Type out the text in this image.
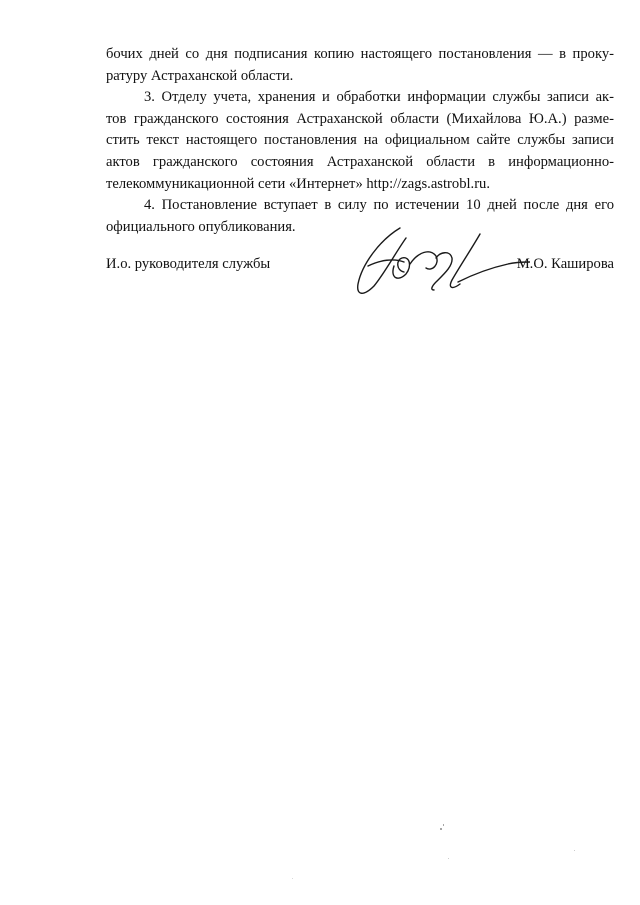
бочих дней со дня подписания копию настоящего постановления — в проку-
ратуру Астраханской области.
3. Отделу учета, хранения и обработки информации службы записи ак-
тов гражданского состояния Астраханской области (Михайлова Ю.А.) разме-
стить текст настоящего постановления на официальном сайте службы записи
актов гражданского состояния Астраханской области в информационно-
телекоммуникационной сети «Интернет» http://zags.astrobl.ru.
4. Постановление вступает в силу по истечении 10 дней после дня его
официального опубликования.
И.о. руководителя службы	М.О. Каширова
